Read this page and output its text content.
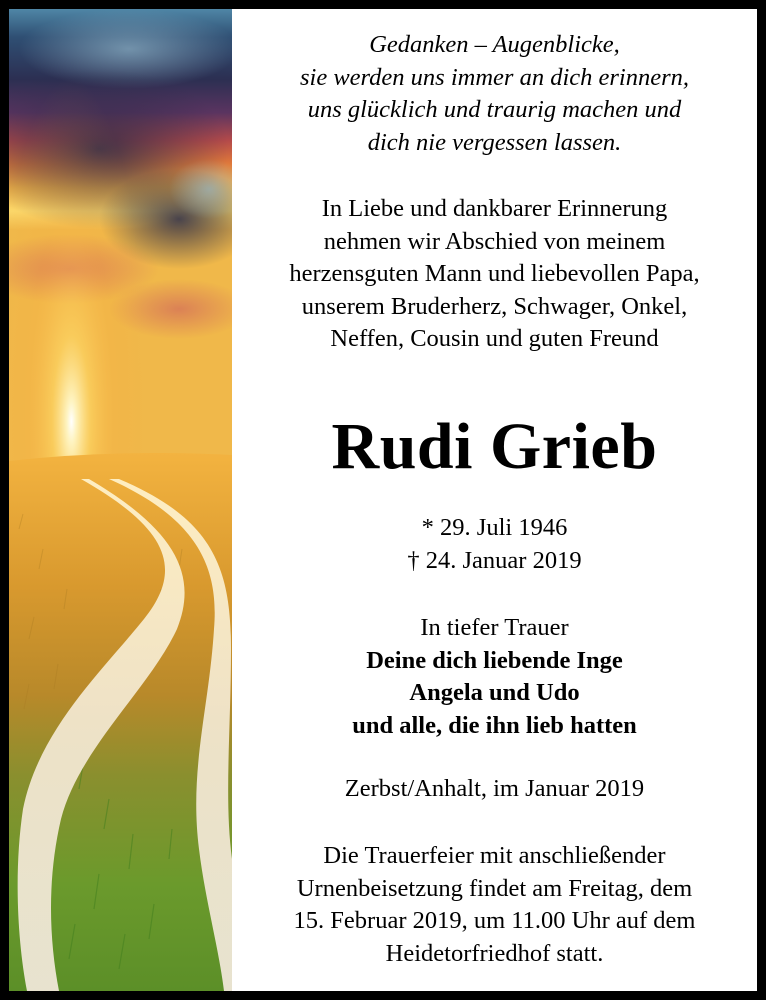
Gedanken – Augenblicke,
sie werden uns immer an dich erinnern,
uns glücklich und traurig machen und
dich nie vergessen lassen.
In Liebe und dankbarer Erinnerung
nehmen wir Abschied von meinem
herzensguten Mann und liebevollen Papa,
unserem Bruderherz, Schwager, Onkel,
Neffen, Cousin und guten Freund
Rudi Grieb
* 29. Juli 1946
† 24. Januar 2019
In tiefer Trauer
Deine dich liebende Inge
Angela und Udo
und alle, die ihn lieb hatten
Zerbst/Anhalt, im Januar 2019
Die Trauerfeier mit anschließender
Urnenbeisetzung findet am Freitag, dem
15. Februar 2019, um 11.00 Uhr auf dem
Heidetorfriedhof statt.
